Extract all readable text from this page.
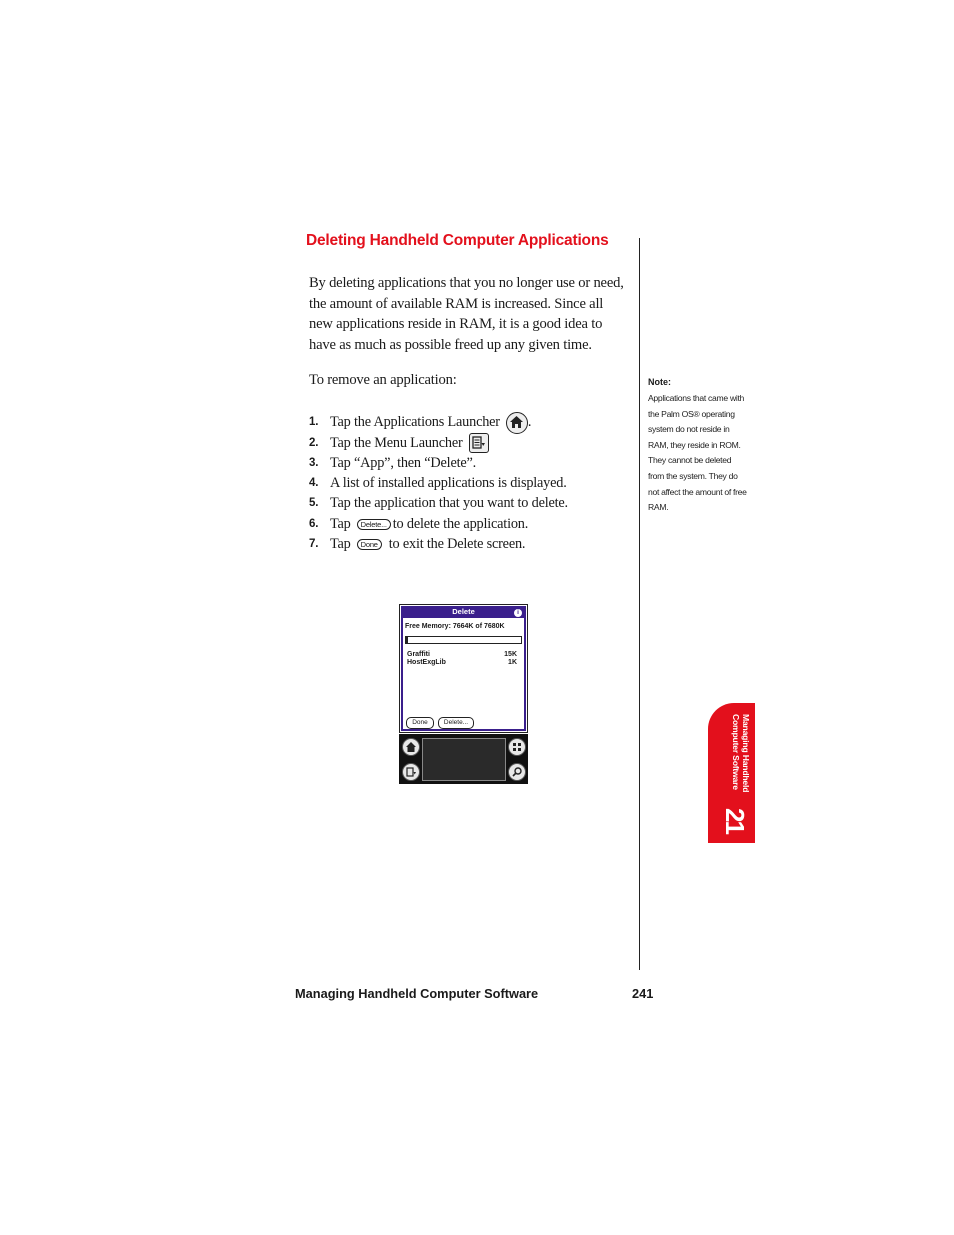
Deleting Handheld Computer Applications
By deleting applications that you no longer use or need, the amount of available RAM is increased. Since all new applications reside in RAM, it is a good idea to have as much as possible freed up any given time.
To remove an application:
1. Tap the Applications Launcher .
2. Tap the Menu Launcher
3. Tap “App”, then “Delete”.
4. A list of installed applications is displayed.
5. Tap the application that you want to delete.
6. Tap	Delete... to delete the application.
7. Tap	Done to exit the Delete screen.
Delete	i
Free Memory: 7664K of 7680K
Graffiti	15K
HostExgLib	1K
Done	Delete...
Note:
Applications that came with the Palm OS® operating system do not reside in RAM, they reside in ROM. They cannot be deleted from the system. They do not affect the amount of free RAM.
Managing Handheld
Computer Software
21
Managing Handheld Computer Software	241
